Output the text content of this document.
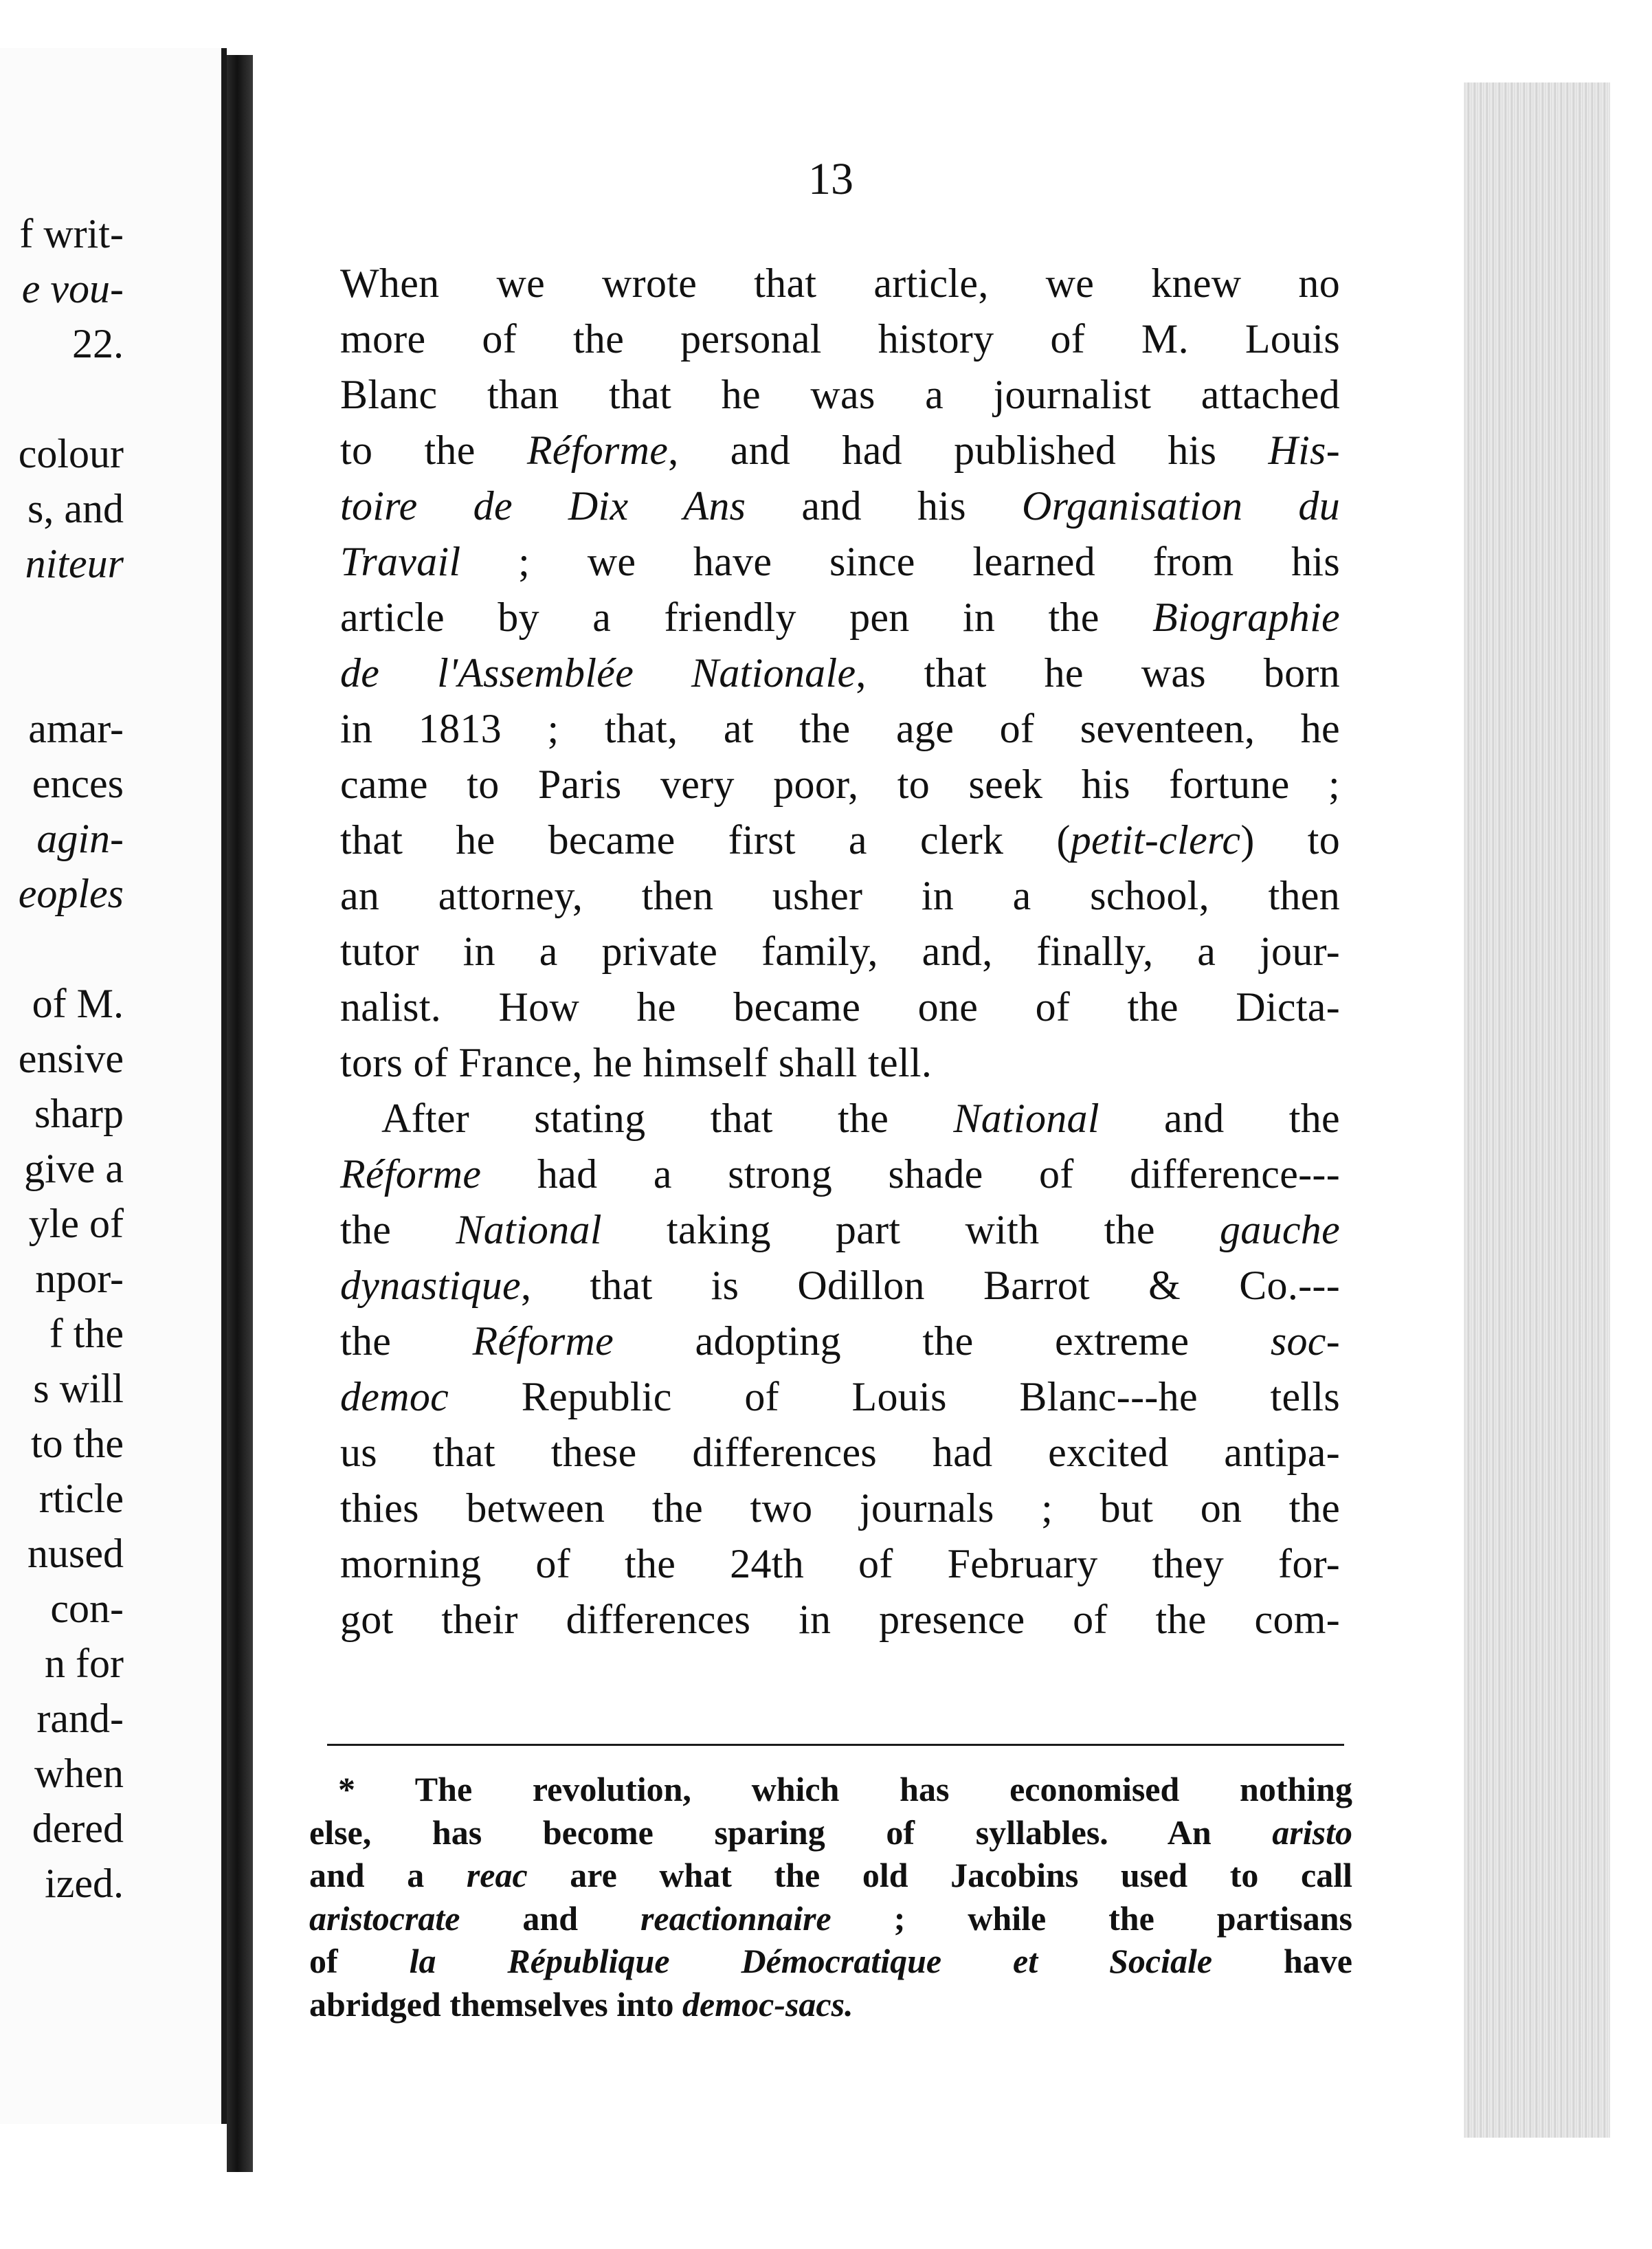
f writ-
e vou-
22.
colour
s, and
niteur
amar-
ences
agin-
eoples
of M.
ensive
sharp
give a
yle of
npor-
f the
s will
to the
rticle
nused
con-
n for
rand-
when
dered
ized.
13
When we wrote that article, we knew no
more of the personal history of M. Louis
Blanc than that he was a journalist attached
to the Réforme, and had published his His-
toire de Dix Ans and his Organisation du
Travail ; we have since learned from his
article by a friendly pen in the Biographie
de l'Assemblée Nationale, that he was born
in 1813 ; that, at the age of seventeen, he
came to Paris very poor, to seek his fortune ;
that he became first a clerk (petit-clerc) to
an attorney, then usher in a school, then
tutor in a private family, and, finally, a jour-
nalist. How he became one of the Dicta-
tors of France, he himself shall tell.
After stating that the National and the
Réforme had a strong shade of difference---
the National taking part with the gauche
dynastique, that is Odillon Barrot & Co.---
the Réforme adopting the extreme soc-
democ Republic of Louis Blanc---he tells
us that these differences had excited antipa-
thies between the two journals ; but on the
morning of the 24th of February they for-
got their differences in presence of the com-
* The revolution, which has economised nothing
else, has become sparing of syllables. An aristo
and a reac are what the old Jacobins used to call
aristocrate and reactionnaire ; while the partisans
of la République Démocratique et Sociale have
abridged themselves into democ-sacs.
